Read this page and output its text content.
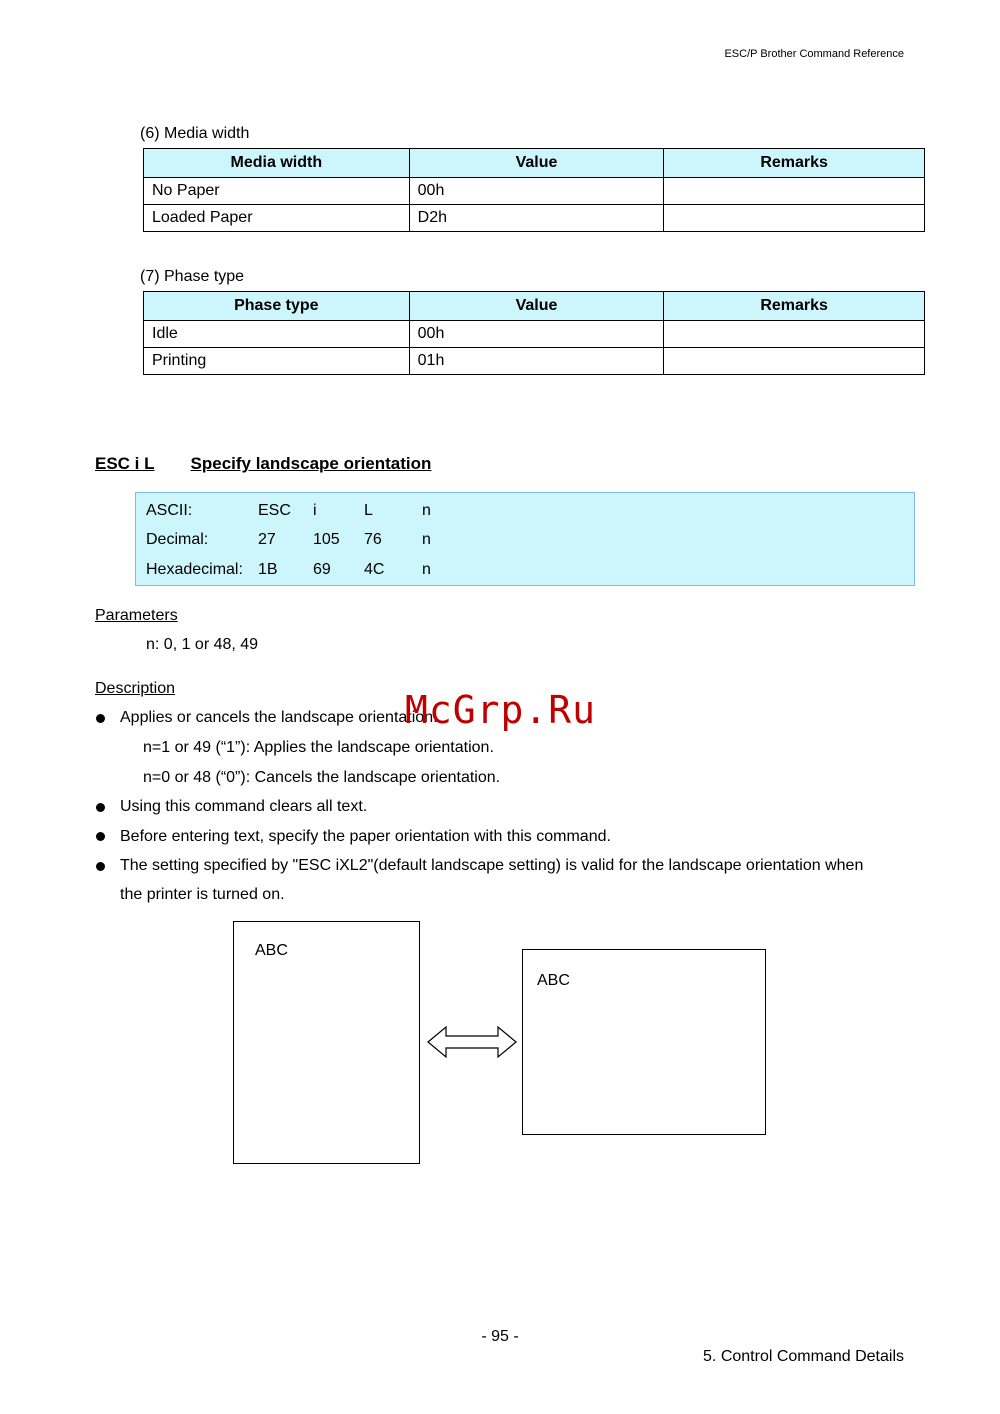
ESC/P Brother Command Reference
(6) Media width
Media width	Value	Remarks
No Paper	00h	
Loaded Paper	D2h	
(7) Phase type
Phase type	Value	Remarks
Idle	00h	
Printing	01h	
ESC i L Specify landscape orientation
ASCII:	ESC i	L	n
Decimal:	27 105 76	n
Hexadecimal: 1B 69 4C n
Parameters
n: 0, 1 or 48, 49
Description
Applies or cancels the landscape orientation.
n=1 or 49 (“1”): Applies the landscape orientation.
n=0 or 48 (“0”): Cancels the landscape orientation.
Using this command clears all text.
Before entering text, specify the paper orientation with this command.
The setting specified by "ESC iXL2"(default landscape setting) is valid for the landscape orientation when
the printer is turned on.
ABC
ABC
McGrp.Ru
- 95 -
5. Control Command Details
